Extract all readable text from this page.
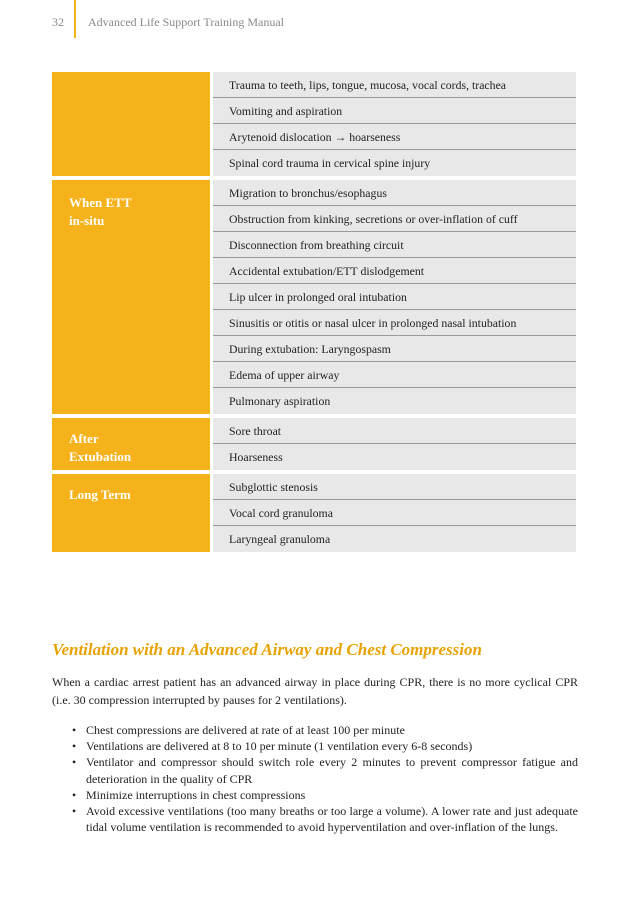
32 Advanced Life Support Training Manual
Trauma to teeth, lips, tongue, mucosa, vocal cords, trachea
Vomiting and aspiration
Arytenoid dislocation → hoarseness
Spinal cord trauma in cervical spine injury
When ETT
in-situ
Migration to bronchus/esophagus
Obstruction from kinking, secretions or over-inflation of cuff
Disconnection from breathing circuit
Accidental extubation/ETT dislodgement
Lip ulcer in prolonged oral intubation
Sinusitis or otitis or nasal ulcer in prolonged nasal intubation
During extubation: Laryngospasm
Edema of upper airway
Pulmonary aspiration
After
Extubation
Sore throat
Hoarseness
Long Term	Subglottic stenosis
Vocal cord granuloma
Laryngeal granuloma
Ventilation with an Advanced Airway and Chest Compression

When a cardiac arrest patient has an advanced airway in place during CPR, there is no more cyclical CPR (i.e. 30 compression interrupted by pauses for 2 ventilations).

• Chest compressions are delivered at rate of at least 100 per minute
• Ventilations are delivered at 8 to 10 per minute (1 ventilation every 6-8 seconds)
• Ventilator and compressor should switch role every 2 minutes to prevent compressor fatigue and deterioration in the quality of CPR
• Minimize interruptions in chest compressions
• Avoid excessive ventilations (too many breaths or too large a volume). A lower rate and just adequate tidal volume ventilation is recommended to avoid hyperventilation and over-inflation of the lungs.
